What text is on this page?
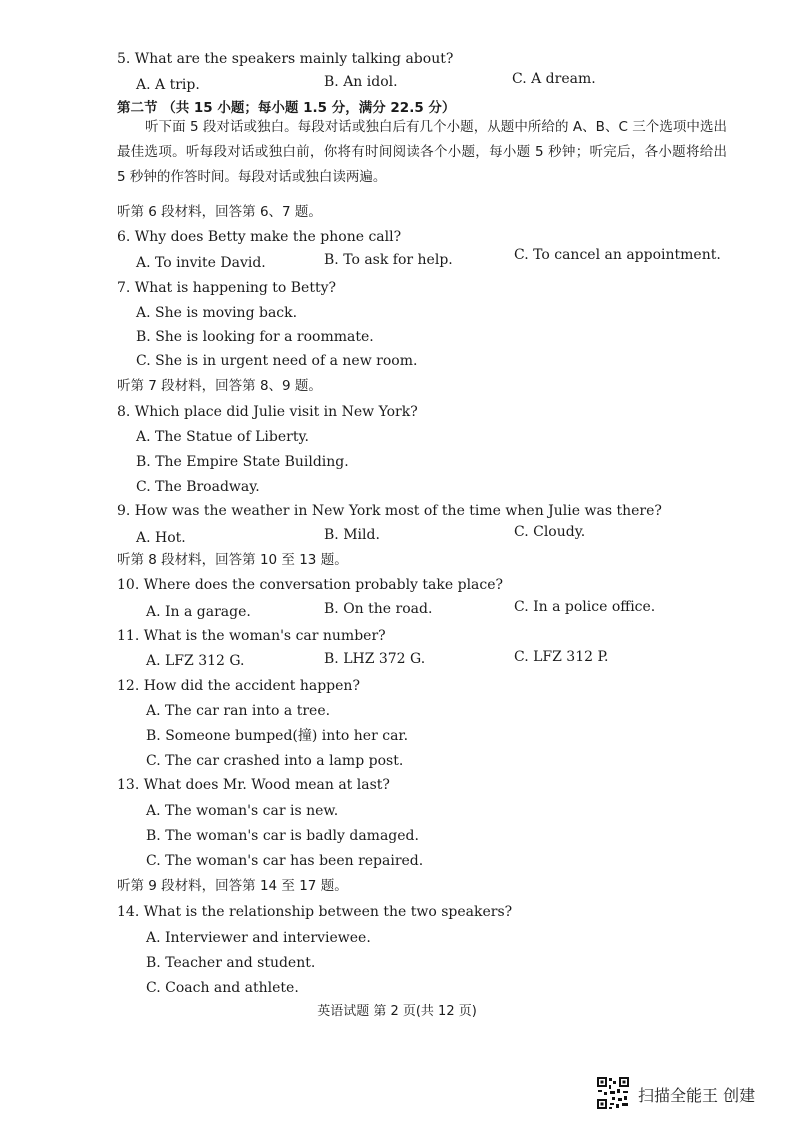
5. What are the speakers mainly talking about?
A. A trip.	B. An idol.	C. A dream.
第二节 （共 15 小题；每小题 1.5 分，满分 22.5 分）
听下面 5 段对话或独白。每段对话或独白后有几个小题，从题中所给的 A、B、C 三个选项中选出最佳选项。听每段对话或独白前，你将有时间阅读各个小题，每小题 5 秒钟；听完后，各小题将给出 5 秒钟的作答时间。每段对话或独白读两遍。
听第 6 段材料，回答第 6、7 题。
6. Why does Betty make the phone call?
A. To invite David.	B. To ask for help.	C. To cancel an appointment.
7. What is happening to Betty?
A. She is moving back.
B. She is looking for a roommate.
C. She is in urgent need of a new room.
听第 7 段材料，回答第 8、9 题。
8. Which place did Julie visit in New York?
A. The Statue of Liberty.
B. The Empire State Building.
C. The Broadway.
9. How was the weather in New York most of the time when Julie was there?
A. Hot.	B. Mild.	C. Cloudy.
听第 8 段材料，回答第 10 至 13 题。
10. Where does the conversation probably take place?
A. In a garage.	B. On the road.	C. In a police office.
11. What is the woman's car number?
A. LFZ 312 G.	B. LHZ 372 G.	C. LFZ 312 P.
12. How did the accident happen?
A. The car ran into a tree.
B. Someone bumped(撞) into her car.
C. The car crashed into a lamp post.
13. What does Mr. Wood mean at last?
A. The woman's car is new.
B. The woman's car is badly damaged.
C. The woman's car has been repaired.
听第 9 段材料，回答第 14 至 17 题。
14. What is the relationship between the two speakers?
A. Interviewer and interviewee.
B. Teacher and student.
C. Coach and athlete.
英语试题 第 2 页(共 12 页)
扫描全能王 创建
